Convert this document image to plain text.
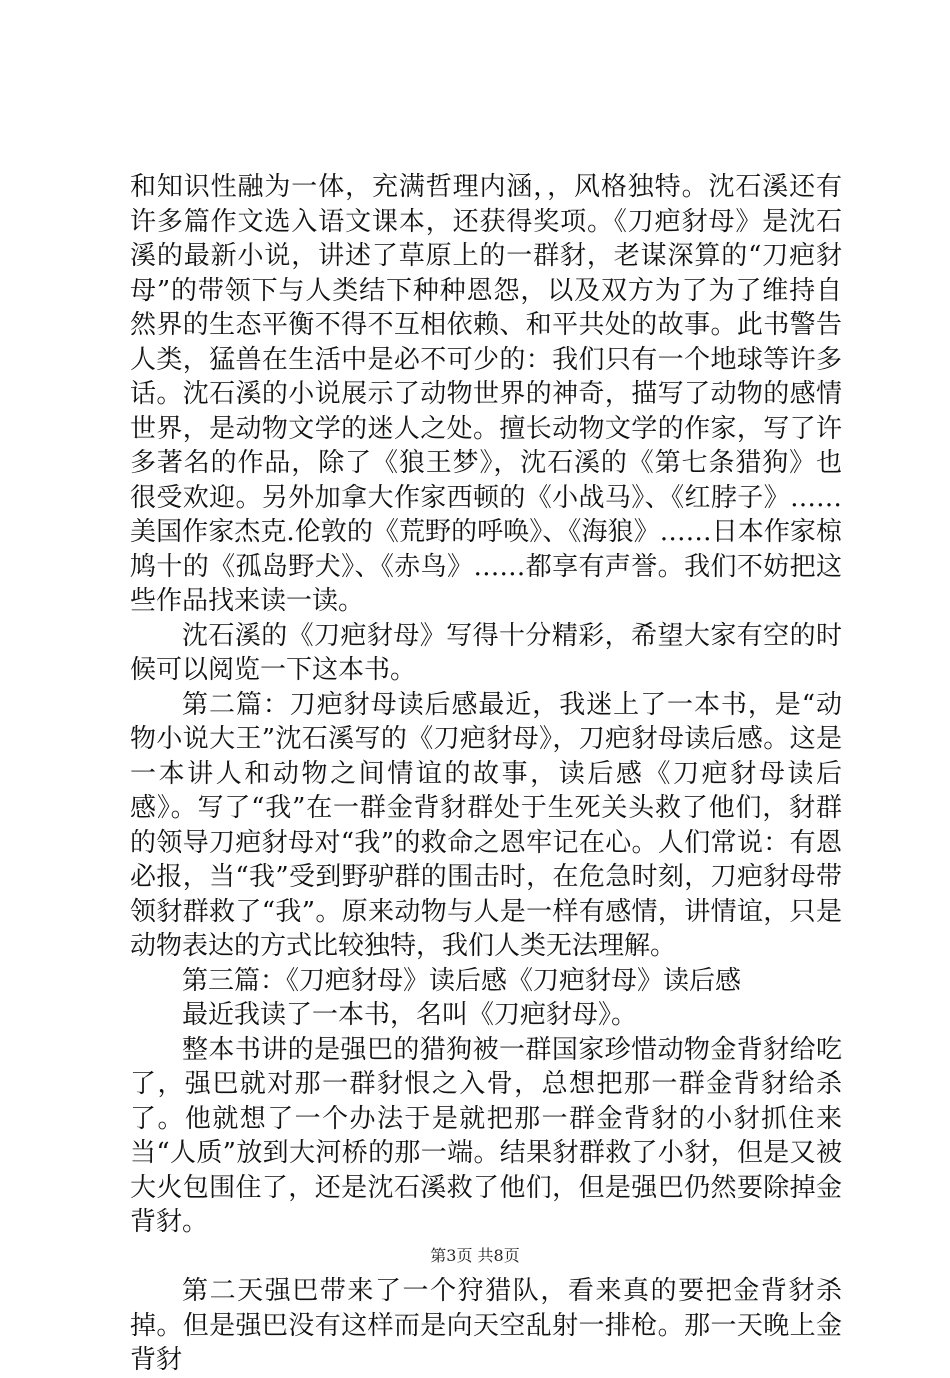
和知识性融为一体，充满哲理内涵，，风格独特。沈石溪还有许多篇作文选入语文课本，还获得奖项。《刀疤豺母》是沈石溪的最新小说，讲述了草原上的一群豺，老谋深算的“刀疤豺母”的带领下与人类结下种种恩怨，以及双方为了为了维持自然界的生态平衡不得不互相依赖、和平共处的故事。此书警告人类，猛兽在生活中是必不可少的：我们只有一个地球等许多话。沈石溪的小说展示了动物世界的神奇，描写了动物的感情世界，是动物文学的迷人之处。擅长动物文学的作家，写了许多著名的作品，除了《狼王梦》，沈石溪的《第七条猎狗》也很受欢迎。另外加拿大作家西顿的《小战马》、《红脖子》……美国作家杰克.伦敦的《荒野的呼唤》、《海狼》……日本作家椋鸠十的《孤岛野犬》、《赤鸟》……都享有声誉。我们不妨把这些作品找来读一读。

沈石溪的《刀疤豺母》写得十分精彩，希望大家有空的时候可以阅览一下这本书。

第二篇：刀疤豺母读后感最近，我迷上了一本书，是“动物小说大王”沈石溪写的《刀疤豺母》，刀疤豺母读后感。这是一本讲人和动物之间情谊的故事，读后感《刀疤豺母读后感》。写了“我”在一群金背豺群处于生死关头救了他们，豺群的领导刀疤豺母对“我”的救命之恩牢记在心。人们常说：有恩必报，当“我”受到野驴群的围击时，在危急时刻，刀疤豺母带领豺群救了“我”。原来动物与人是一样有感情，讲情谊，只是动物表达的方式比较独特，我们人类无法理解。

第三篇：《刀疤豺母》读后感《刀疤豺母》读后感

最近我读了一本书，名叫《刀疤豺母》。

整本书讲的是强巴的猎狗被一群国家珍惜动物金背豺给吃了，强巴就对那一群豺恨之入骨，总想把那一群金背豺给杀了。他就想了一个办法于是就把那一群金背豺的小豺抓住来当“人质”放到大河桥的那一端。结果豺群救了小豺，但是又被大火包围住了，还是沈石溪救了他们，但是强巴仍然要除掉金背豺。

第二天强巴带来了一个狩猎队，看来真的要把金背豺杀掉。但是强巴没有这样而是向天空乱射一排枪。那一天晚上金背豺

第3页 共8页
